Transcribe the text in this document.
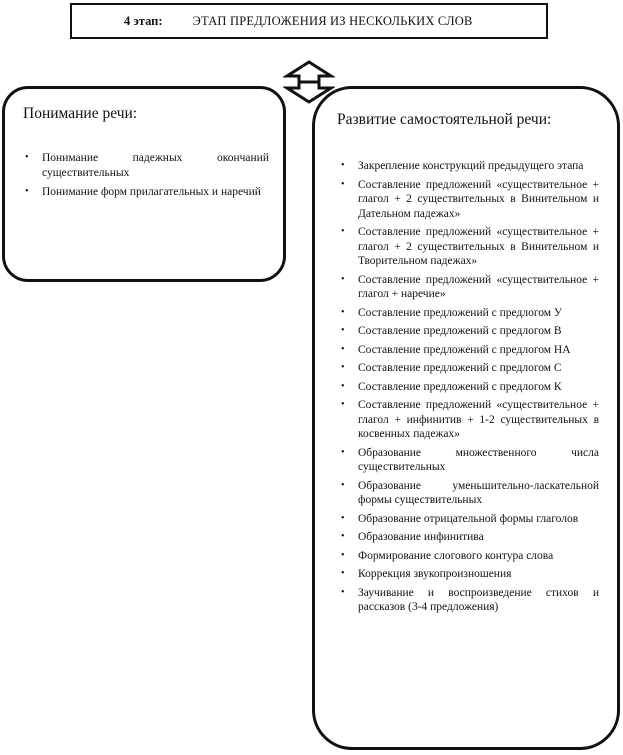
4 этап: ЭТАП ПРЕДЛОЖЕНИЯ ИЗ НЕСКОЛЬКИХ СЛОВ
Понимание речи:
• Понимание падежных окончаний существительных
• Понимание форм прилагательных и наречий
Развитие самостоятельной речи:
• Закрепление конструкций предыдущего этапа
• Составление предложений «существительное + глагол + 2 существительных в Винительном и Дательном падежах»
• Составление предложений «существительное + глагол + 2 существительных в Винительном и Творительном падежах»
• Составление предложений «существительное + глагол + наречие»
• Составление предложений с предлогом У
• Составление предложений с предлогом В
• Составление предложений с предлогом НА
• Составление предложений с предлогом С
• Составление предложений с предлогом К
• Составление предложений «существительное + глагол + инфинитив + 1-2 существительных в косвенных падежах»
• Образование множественного числа существительных
• Образование уменьшительно-ласкательной формы существительных
• Образование отрицательной формы глаголов
• Образование инфинитива
• Формирование слогового контура слова
• Коррекция звукопроизношения
• Заучивание и воспроизведение стихов и рассказов (3-4 предложения)
